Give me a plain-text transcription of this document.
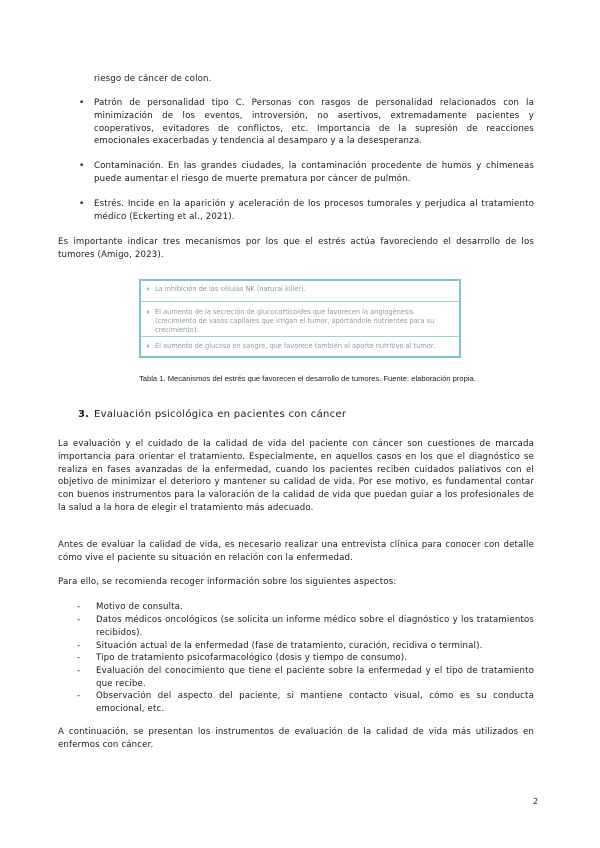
riesgo de cáncer de colon.
• Patrón de personalidad tipo C. Personas con rasgos de personalidad relacionados con la minimización de los eventos, introversión, no asertivos, extremadamente pacientes y cooperativos, evitadores de conflictos, etc. Importancia de la supresión de reacciones emocionales exacerbadas y tendencia al desamparo y a la desesperanza.
• Contaminación. En las grandes ciudades, la contaminación procedente de humos y chimeneas puede aumentar el riesgo de muerte prematura por cáncer de pulmón.
• Estrés. Incide en la aparición y aceleración de los procesos tumorales y perjudica al tratamiento médico (Eckerting et al., 2021).
Es importante indicar tres mecanismos por los que el estrés actúa favoreciendo el desarrollo de los tumores (Amigo, 2023).
La inhibición de las células NK (natural killer).
El aumento de la secreción de glucocorticoides que favorecen la angiogénesis (crecimiento de vasos capilares que irrigan el tumor, aportándole nutrientes para su crecimiento).
El aumento de glucosa en sangre, que favorece también al aporte nutritivo al tumor.
Tabla 1. Mecanismos del estrés que favorecen el desarrollo de tumores. Fuente: elaboración propia.
3. Evaluación psicológica en pacientes con cáncer
La evaluación y el cuidado de la calidad de vida del paciente con cáncer son cuestiones de marcada importancia para orientar el tratamiento. Especialmente, en aquellos casos en los que el diagnóstico se realiza en fases avanzadas de la enfermedad, cuando los pacientes reciben cuidados paliativos con el objetivo de minimizar el deterioro y mantener su calidad de vida. Por ese motivo, es fundamental contar con buenos instrumentos para la valoración de la calidad de vida que puedan guiar a los profesionales de la salud a la hora de elegir el tratamiento más adecuado.
Antes de evaluar la calidad de vida, es necesario realizar una entrevista clínica para conocer con detalle cómo vive el paciente su situación en relación con la enfermedad.
Para ello, se recomienda recoger información sobre los siguientes aspectos:
- Motivo de consulta.
- Datos médicos oncológicos (se solicita un informe médico sobre el diagnóstico y los tratamientos recibidos).
- Situación actual de la enfermedad (fase de tratamiento, curación, recidiva o terminal).
- Tipo de tratamiento psicofarmacológico (dosis y tiempo de consumo).
- Evaluación del conocimiento que tiene el paciente sobre la enfermedad y el tipo de tratamiento que recibe.
- Observación del aspecto del paciente, si mantiene contacto visual, cómo es su conducta emocional, etc.
A continuación, se presentan los instrumentos de evaluación de la calidad de vida más utilizados en enfermos con cáncer.
2
